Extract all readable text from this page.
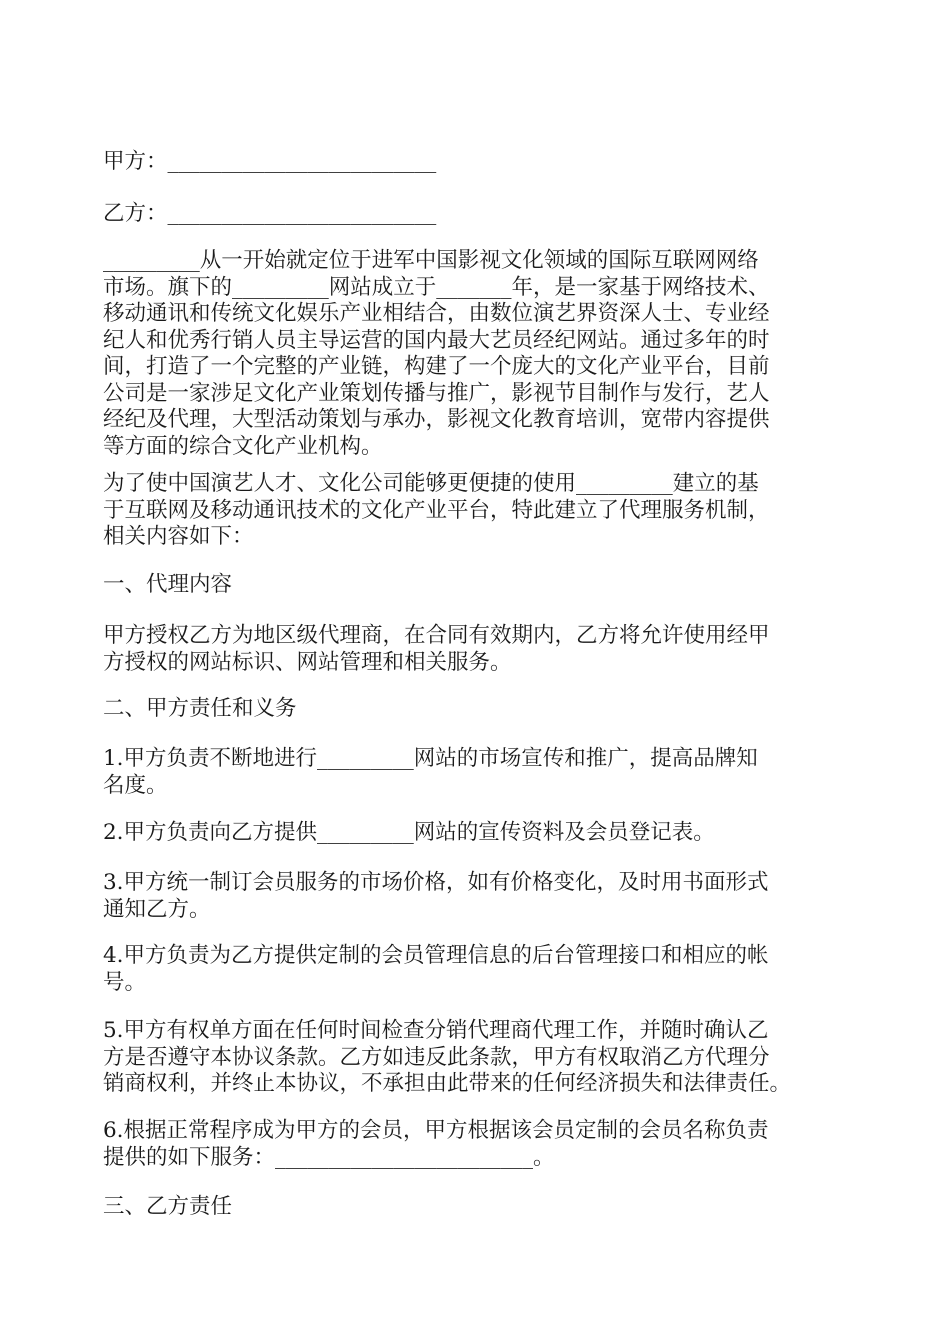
甲方：_________________________

乙方：_________________________

_________从一开始就定位于进军中国影视文化领域的国际互联网网络
市场。旗下的_________网站成立于_______年，是一家基于网络技术、
移动通讯和传统文化娱乐产业相结合，由数位演艺界资深人士、专业经
纪人和优秀行销人员主导运营的国内最大艺员经纪网站。通过多年的时
间，打造了一个完整的产业链，构建了一个庞大的文化产业平台，目前
公司是一家涉足文化产业策划传播与推广，影视节目制作与发行，艺人
经纪及代理，大型活动策划与承办，影视文化教育培训，宽带内容提供
等方面的综合文化产业机构。

为了使中国演艺人才、文化公司能够更便捷的使用_________建立的基
于互联网及移动通讯技术的文化产业平台，特此建立了代理服务机制，
相关内容如下：

一、代理内容

甲方授权乙方为地区级代理商，在合同有效期内，乙方将允许使用经甲
方授权的网站标识、网站管理和相关服务。

二、甲方责任和义务

1.甲方负责不断地进行_________网站的市场宣传和推广，提高品牌知
名度。

2.甲方负责向乙方提供_________网站的宣传资料及会员登记表。

3.甲方统一制订会员服务的市场价格，如有价格变化，及时用书面形式
通知乙方。

4.甲方负责为乙方提供定制的会员管理信息的后台管理接口和相应的帐
号。

5.甲方有权单方面在任何时间检查分销代理商代理工作，并随时确认乙
方是否遵守本协议条款。乙方如违反此条款，甲方有权取消乙方代理分
销商权利，并终止本协议，不承担由此带来的任何经济损失和法律责任。

6.根据正常程序成为甲方的会员，甲方根据该会员定制的会员名称负责
提供的如下服务：________________________。

三、乙方责任
